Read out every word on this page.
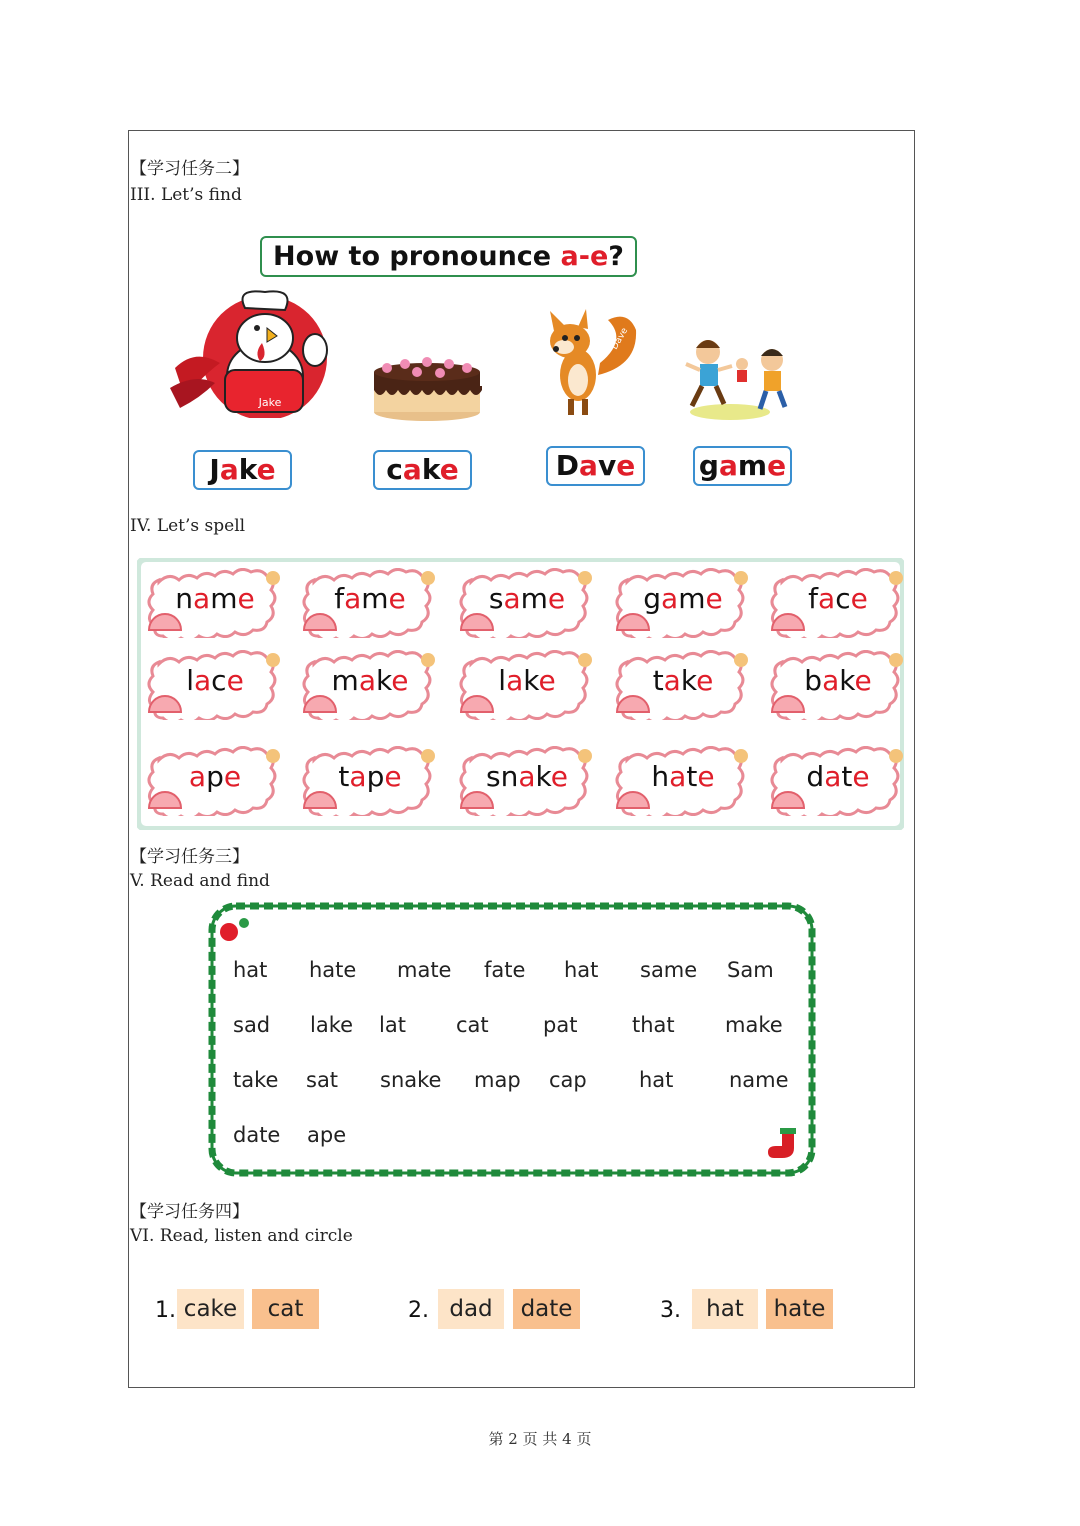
【学习任务二】
III. Let’s find
How to pronounce a-e?
Jake
Dave
Jake	cake	Dave	game
IV. Let’s spell
name	fame	same	game	face
lace	make	lake	take	bake
ape	tape	snake	hate	date
【学习任务三】
V. Read and find
hat hate mate fate hat same Sam
sad lake lat cat	pat	that make
take sat snake map cap hat	name
date ape
【学习任务四】
VI. Read, listen and circle
1. cake	cat	2. dad	date	3.	hat	hate
第 2 页 共 4 页
